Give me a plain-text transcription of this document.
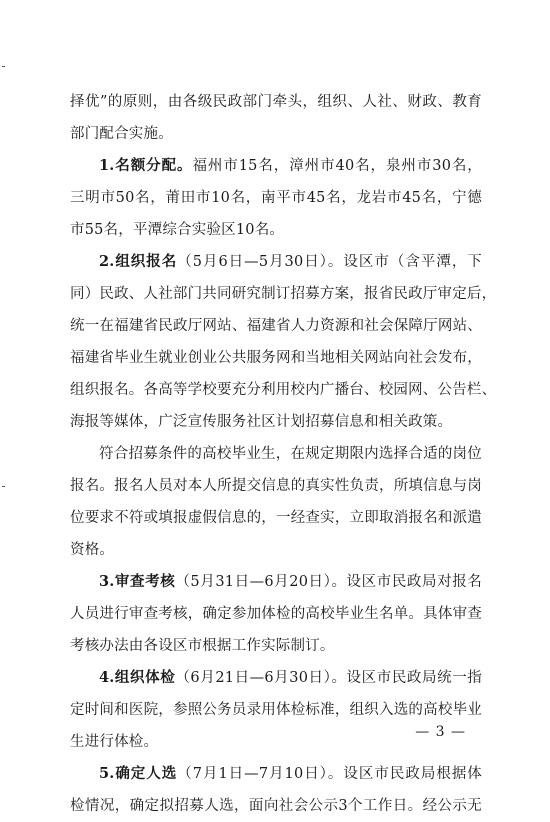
择优”的原则，由各级民政部门牵头，组织、人社、财政、教育
部门配合实施。
1.名额分配。福州市15名，漳州市40名，泉州市30名，
三明市50名，莆田市10名，南平市45名，龙岩市45名，宁德
市55名，平潭综合实验区10名。
2.组织报名（5月6日—5月30日）。设区市（含平潭，下
同）民政、人社部门共同研究制订招募方案，报省民政厅审定后，
统一在福建省民政厅网站、福建省人力资源和社会保障厅网站、
福建省毕业生就业创业公共服务网和当地相关网站向社会发布，
组织报名。各高等学校要充分利用校内广播台、校园网、公告栏、
海报等媒体，广泛宣传服务社区计划招募信息和相关政策。
符合招募条件的高校毕业生，在规定期限内选择合适的岗位
报名。报名人员对本人所提交信息的真实性负责，所填信息与岗
位要求不符或填报虚假信息的，一经查实，立即取消报名和派遣
资格。
3.审查考核（5月31日—6月20日）。设区市民政局对报名
人员进行审查考核，确定参加体检的高校毕业生名单。具体审查
考核办法由各设区市根据工作实际制订。
4.组织体检（6月21日—6月30日）。设区市民政局统一指
定时间和医院，参照公务员录用体检标准，组织入选的高校毕业
生进行体检。
5.确定人选（7月1日—7月10日）。设区市民政局根据体
检情况，确定拟招募人选，面向社会公示3个工作日。经公示无
— 3 —
